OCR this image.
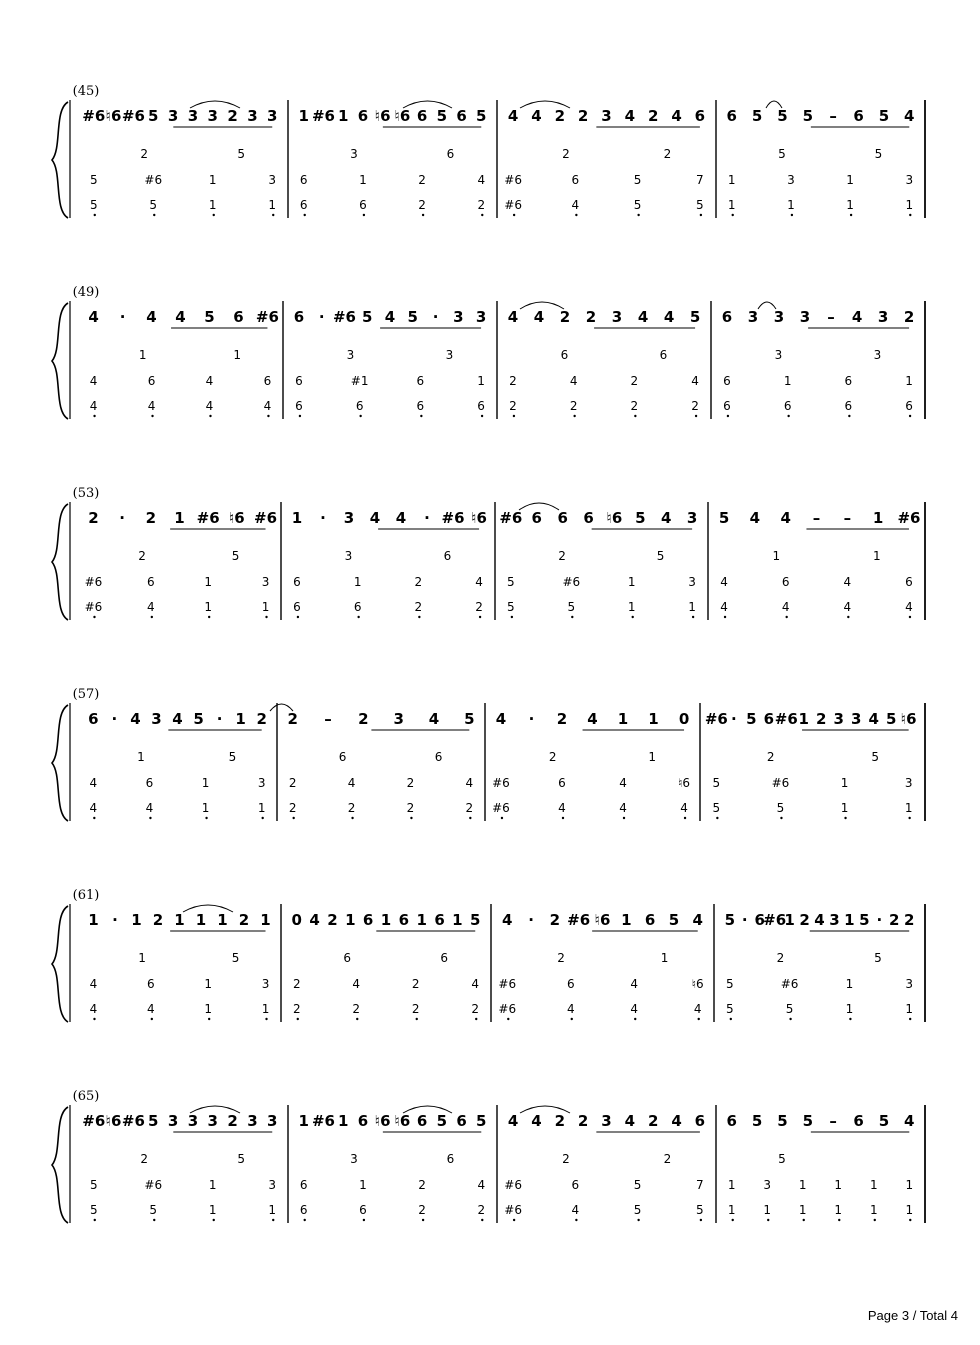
(45)
#6 ♮6 #6 5 3 3 3 2 3 3
2	5
5	#6	1	3
5	5	1	1
1 #6 1 6 ♮6 ♮6 6 5 6 5
3	6
6	1	2	4
6	6	2	2
4 4 2 2 3 4 2 4 6
2	2
#6	6	5	7
#6	4	5	5
6 5 5 5 – 6 5 4
5	5
1	3	1	3
1	1	1	1
(49)
4 · 4 4 5 6 #6
1	1
4	6	4	6
4	4	4	4
6 · #6 5 4 5 · 3 3
3	3
6	#1	6	1
6	6	6	6
4 4 2 2 3 4 4 5
6	6
2	4	2	4
2	2	2	2
6 3 3 3 – 4 3 2
3	3
6	1	6	1
6	6	6	6
(53)
2 · 2 1 #6 ♮6 #6
2	5
#6	6	1	3
#6	4	1	1
1 · 3 4 4 · #6 ♮6
3	6
6	1	2	4
6	6	2	2
#6 6 6 6 ♮6 5 4 3
2	5
5	#6	1	3
5	5	1	1
5 4 4 – – 1 #6
1	1
4	6	4	6
4	4	4	4
(57)
6 · 4 3 4 5 · 1 2
1	5
4	6	1	3
4	4	1	1
2 – 2 3 4 5
6	6
2	4	2	4
2	2	2	2
4 · 2 4 1 1 0
2	1
#6	6	4	♮6
#6	4	4	4
#6 · 5 6 #6 1 2 3 3 4 5 ♮6
2	5
5	#6	1	3
5	5	1	1
(61)
1 · 1 2 1 1 1 2 1
1	5
4	6	1	3
4	4	1	1
0 4 2 1 6 1 6 1 6 1 5
6	6
2	4	2	4
2	2	2	2
4 · 2 #6 ♮6 1 6 5 4
2	1
#6	6	4	♮6
#6	4	4	4
5 · 6
#6
1 2 4 3 1 5 · 2 2
2	5
5	#6	1	3
5	5	1	1
(65)
#6 ♮6 #6 5 3 3 3 2 3 3
2	5
5	#6	1	3
5	5	1	1
1 #6 1 6 ♮6 ♮6 6 5 6 5
3	6
6	1	2	4
6	6	2	2
4 4 2 2 3 4 2 4 6
2	2
#6	6	5	7
#6	4	5	5
6 5 5 5 – 6 5 4
5
1 3 1 1 1 1
1 1 1 1 1 1
Page 3 / Total 4
